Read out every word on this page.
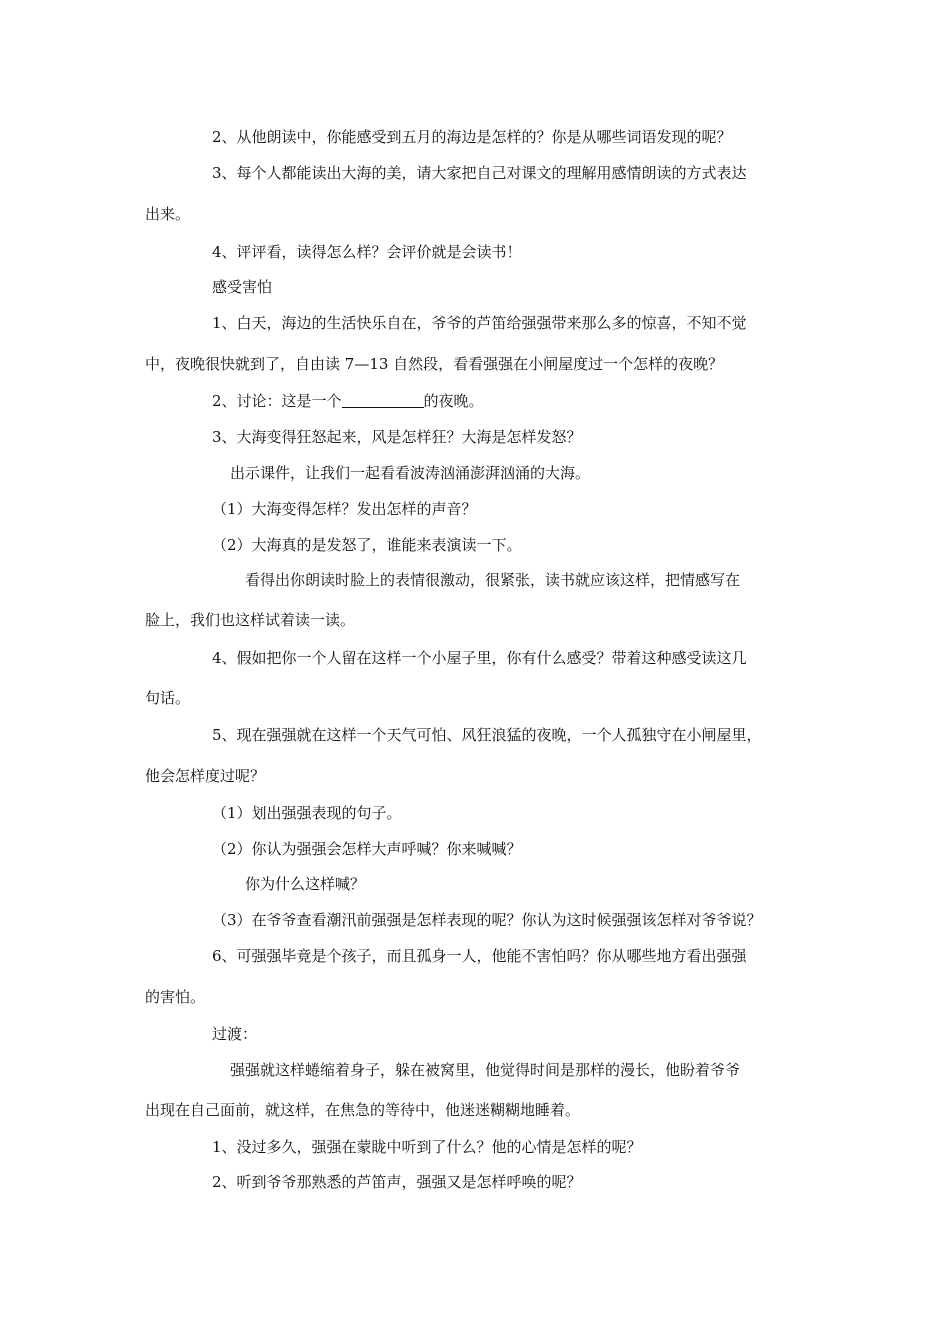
2、从他朗读中，你能感受到五月的海边是怎样的？你是从哪些词语发现的呢？
3、每个人都能读出大海的美，请大家把自己对课文的理解用感情朗读的方式表达
出来。
4、评评看，读得怎么样？会评价就是会读书！
感受害怕
1、白天，海边的生活快乐自在，爷爷的芦笛给强强带来那么多的惊喜，不知不觉
中，夜晚很快就到了，自由读 7—13 自然段，看看强强在小闸屋度过一个怎样的夜晚？
2、讨论：这是一个	的夜晚。
3、大海变得狂怒起来，风是怎样狂？大海是怎样发怒？
出示课件，让我们一起看看波涛汹涌澎湃汹涌的大海。
（1）大海变得怎样？发出怎样的声音？
（2）大海真的是发怒了，谁能来表演读一下。
看得出你朗读时脸上的表情很激动，很紧张，读书就应该这样，把情感写在
脸上，我们也这样试着读一读。
4、假如把你一个人留在这样一个小屋子里，你有什么感受？带着这种感受读这几
句话。
5、现在强强就在这样一个天气可怕、风狂浪猛的夜晚，一个人孤独守在小闸屋里，
他会怎样度过呢？
（1）划出强强表现的句子。
（2）你认为强强会怎样大声呼喊？你来喊喊？
你为什么这样喊？
（3）在爷爷查看潮汛前强强是怎样表现的呢？你认为这时候强强该怎样对爷爷说？
6、可强强毕竟是个孩子，而且孤身一人，他能不害怕吗？你从哪些地方看出强强
的害怕。
过渡：
强强就这样蜷缩着身子，躲在被窝里，他觉得时间是那样的漫长，他盼着爷爷
出现在自己面前，就这样，在焦急的等待中，他迷迷糊糊地睡着。
1、没过多久，强强在蒙眬中听到了什么？他的心情是怎样的呢？
2、听到爷爷那熟悉的芦笛声，强强又是怎样呼唤的呢？
